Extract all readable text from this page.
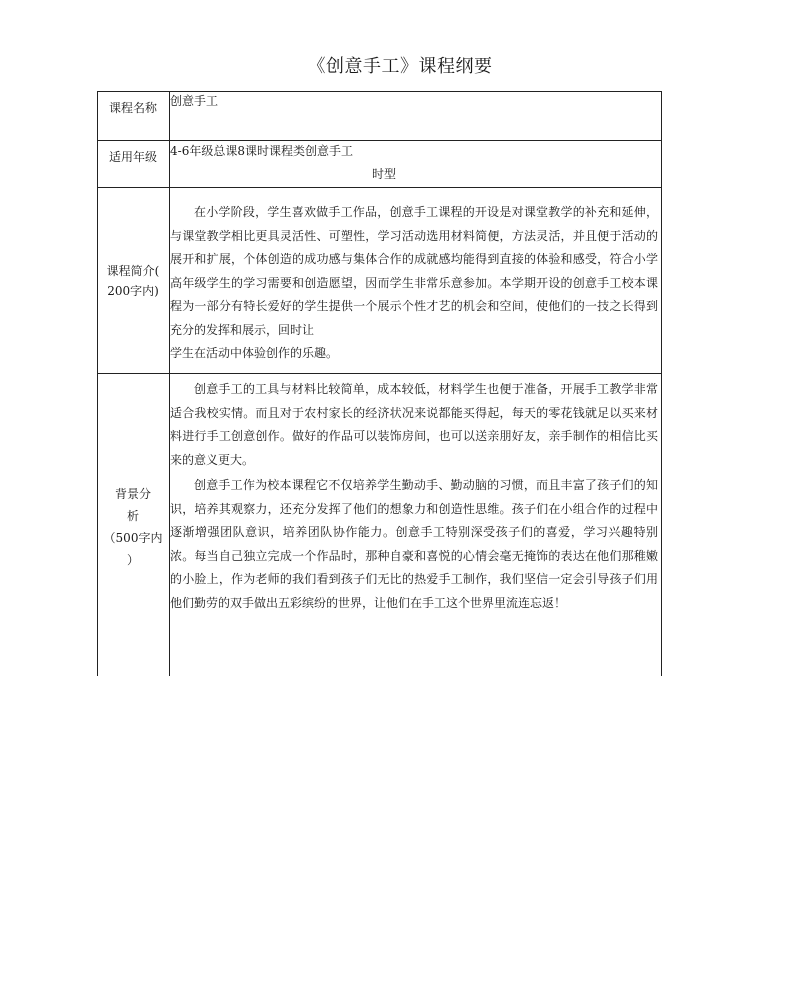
《创意手工》课程纲要
课程名称	创意手工

适用年级	4-6年级总课8课时课程类创意手工

时型

课程简介(
200字内)

在小学阶段，学生喜欢做手工作品，创意手工课程的开设是对课堂教学的补充和延伸，与课堂教学相比更具灵活性、可塑性，学习活动选用材料简便，方法灵活，并且便于活动的展开和扩展，个体创造的成功感与集体合作的成就感均能得到直接的体验和感受，符合小学高年级学生的学习需要和创造愿望，因而学生非常乐意参加。本学期开设的创意手工校本课程为一部分有特长爱好的学生提供一个展示个性才艺的机会和空间，使他们的一技之长得到充分的发挥和展示，回时让

学生在活动中体验创作的乐趣。

背景分
析
（500字内
）

创意手工的工具与材料比较简单，成本较低，材料学生也便于准备，开展手工教学非常适合我校实情。而且对于农村家长的经济状况来说都能买得起，每天的零花钱就足以买来材料进行手工创意创作。做好的作品可以装饰房间，也可以送亲朋好友，亲手制作的相信比买来的意义更大。

创意手工作为校本课程它不仅培养学生勤动手、勤动脑的习惯，而且丰富了孩子们的知识，培养其观察力，还充分发挥了他们的想象力和创造性思维。孩子们在小组合作的过程中逐渐增强团队意识，培养团队协作能力。创意手工特别深受孩子们的喜爱，学习兴趣特别浓。每当自己独立完成一个作品时，那种自豪和喜悦的心情会毫无掩饰的表达在他们那稚嫩的小脸上，作为老师的我们看到孩子们无比的热爱手工制作，我们坚信一定会引导孩子们用他们勤劳的双手做出五彩缤纷的世界，让他们在手工这个世界里流连忘返！
